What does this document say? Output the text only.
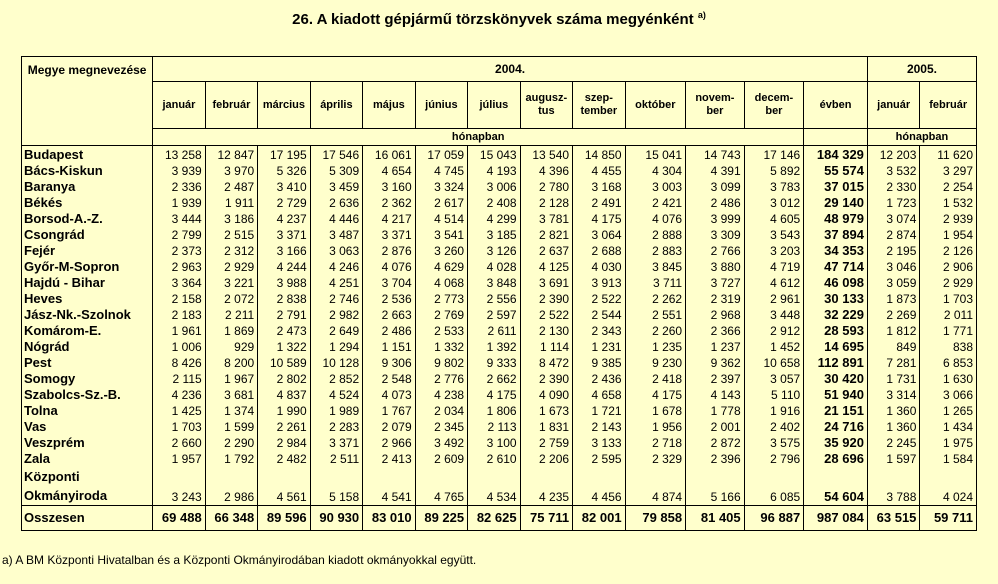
26. A kiadott gépjármű törzskönyvek száma megyénként $^{a)}$
Megye megnevezése	2004.													2005.	
	január	február	március	április	május	június	július	augusz- tus	szep- tember	október	novem- ber	decem- ber	évben	január	február
	hónapban													hónapban	
Budapest	13 258	12 847	17 195	17 546	16 061	17 059	15 043	13 540	14 850	15 041	14 743	17 146	184 329	12 203	11 620
Bács-Kiskun	3 939	3 970	5 326	5 309	4 654	4 745	4 193	4 396	4 455	4 304	4 391	5 892	55 574	3 532	3 297
Baranya	2 336	2 487	3 410	3 459	3 160	3 324	3 006	2 780	3 168	3 003	3 099	3 783	37 015	2 330	2 254
Békés	1 939	1 911	2 729	2 636	2 362	2 617	2 408	2 128	2 491	2 421	2 486	3 012	29 140	1 723	1 532
Borsod-A.-Z.	3 444	3 186	4 237	4 446	4 217	4 514	4 299	3 781	4 175	4 076	3 999	4 605	48 979	3 074	2 939
Csongrád	2 799	2 515	3 371	3 487	3 371	3 541	3 185	2 821	3 064	2 888	3 309	3 543	37 894	2 874	1 954
Fejér	2 373	2 312	3 166	3 063	2 876	3 260	3 126	2 637	2 688	2 883	2 766	3 203	34 353	2 195	2 126
Győr-M-Sopron	2 963	2 929	4 244	4 246	4 076	4 629	4 028	4 125	4 030	3 845	3 880	4 719	47 714	3 046	2 906
Hajdú - Bihar	3 364	3 221	3 988	4 251	3 704	4 068	3 848	3 691	3 913	3 711	3 727	4 612	46 098	3 059	2 929
Heves	2 158	2 072	2 838	2 746	2 536	2 773	2 556	2 390	2 522	2 262	2 319	2 961	30 133	1 873	1 703
Jász-Nk.-Szolnok	2 183	2 211	2 791	2 982	2 663	2 769	2 597	2 522	2 544	2 551	2 968	3 448	32 229	2 269	2 011
Komárom-E.	1 961	1 869	2 473	2 649	2 486	2 533	2 611	2 130	2 343	2 260	2 366	2 912	28 593	1 812	1 771
Nógrád	1 006	929	1 322	1 294	1 151	1 332	1 392	1 114	1 231	1 235	1 237	1 452	14 695	849	838
Pest	8 426	8 200	10 589	10 128	9 306	9 802	9 333	8 472	9 385	9 230	9 362	10 658	112 891	7 281	6 853
Somogy	2 115	1 967	2 802	2 852	2 548	2 776	2 662	2 390	2 436	2 418	2 397	3 057	30 420	1 731	1 630
Szabolcs-Sz.-B.	4 236	3 681	4 837	4 524	4 073	4 238	4 175	4 090	4 658	4 175	4 143	5 110	51 940	3 314	3 066
Tolna	1 425	1 374	1 990	1 989	1 767	2 034	1 806	1 673	1 721	1 678	1 778	1 916	21 151	1 360	1 265
Vas	1 703	1 599	2 261	2 283	2 079	2 345	2 113	1 831	2 143	1 956	2 001	2 402	24 716	1 360	1 434
Veszprém	2 660	2 290	2 984	3 371	2 966	3 492	3 100	2 759	3 133	2 718	2 872	3 575	35 920	2 245	1 975
Zala	1 957	1 792	2 482	2 511	2 413	2 609	2 610	2 206	2 595	2 329	2 396	2 796	28 696	1 597	1 584
Központi Okmányiroda	3 243	2 986	4 561	5 158	4 541	4 765	4 534	4 235	4 456	4 874	5 166	6 085	54 604	3 788	4 024
Osszesen	69 488	66 348	89 596	90 930	83 010	89 225	82 625	75 711	82 001	79 858	81 405	96 887	987 084	63 515	59 711
a) A BM Központi Hivatalban és a Központi Okmányirodában kiadott okmányokkal együtt.
